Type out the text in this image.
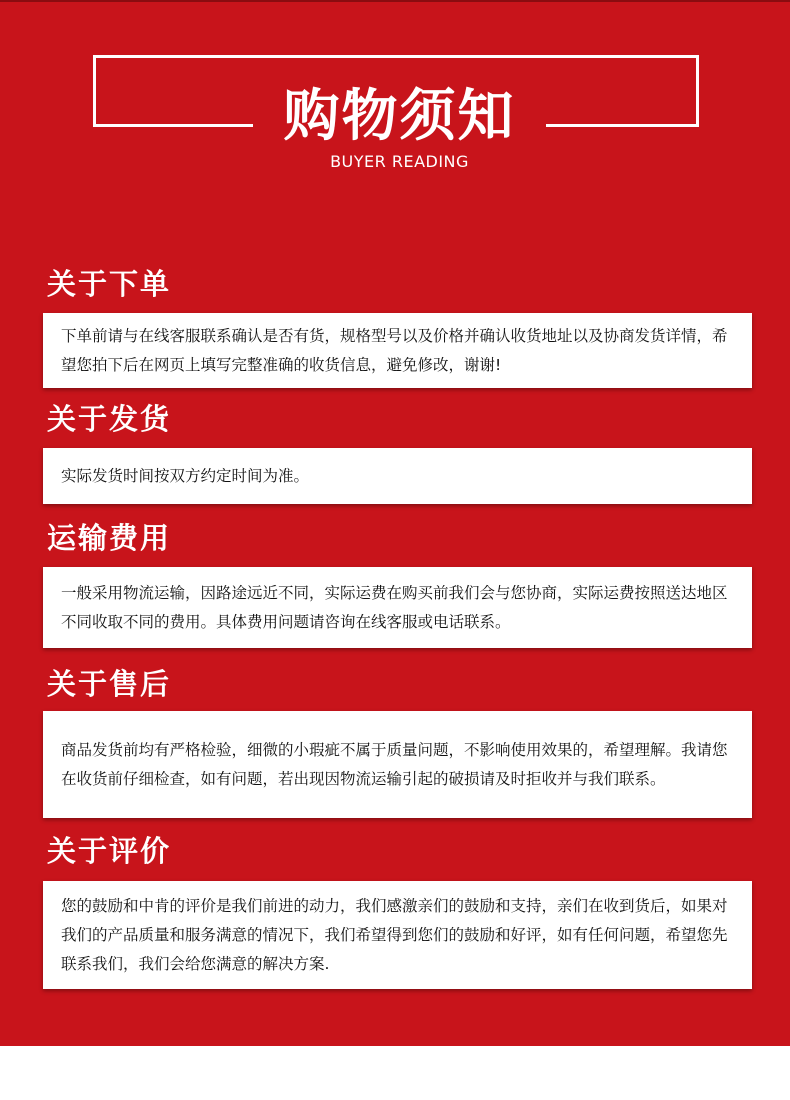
购物须知
BUYER READING
关于下单
下单前请与在线客服联系确认是否有货，规格型号以及价格并确认收货地址以及协商发货详情，希望您拍下后在网页上填写完整准确的收货信息，避免修改，谢谢!
关于发货
实际发货时间按双方约定时间为准。
运输费用
一般采用物流运输，因路途远近不同，实际运费在购买前我们会与您协商，实际运费按照送达地区不同收取不同的费用。具体费用问题请咨询在线客服或电话联系。
关于售后
商品发货前均有严格检验，细微的小瑕疵不属于质量问题，不影响使用效果的，希望理解。我请您在收货前仔细检查，如有问题，若出现因物流运输引起的破损请及时拒收并与我们联系。
关于评价
您的鼓励和中肯的评价是我们前进的动力，我们感激亲们的鼓励和支持，亲们在收到货后，如果对我们的产品质量和服务满意的情况下，我们希望得到您们的鼓励和好评，如有任何问题，希望您先联系我们，我们会给您满意的解决方案.
